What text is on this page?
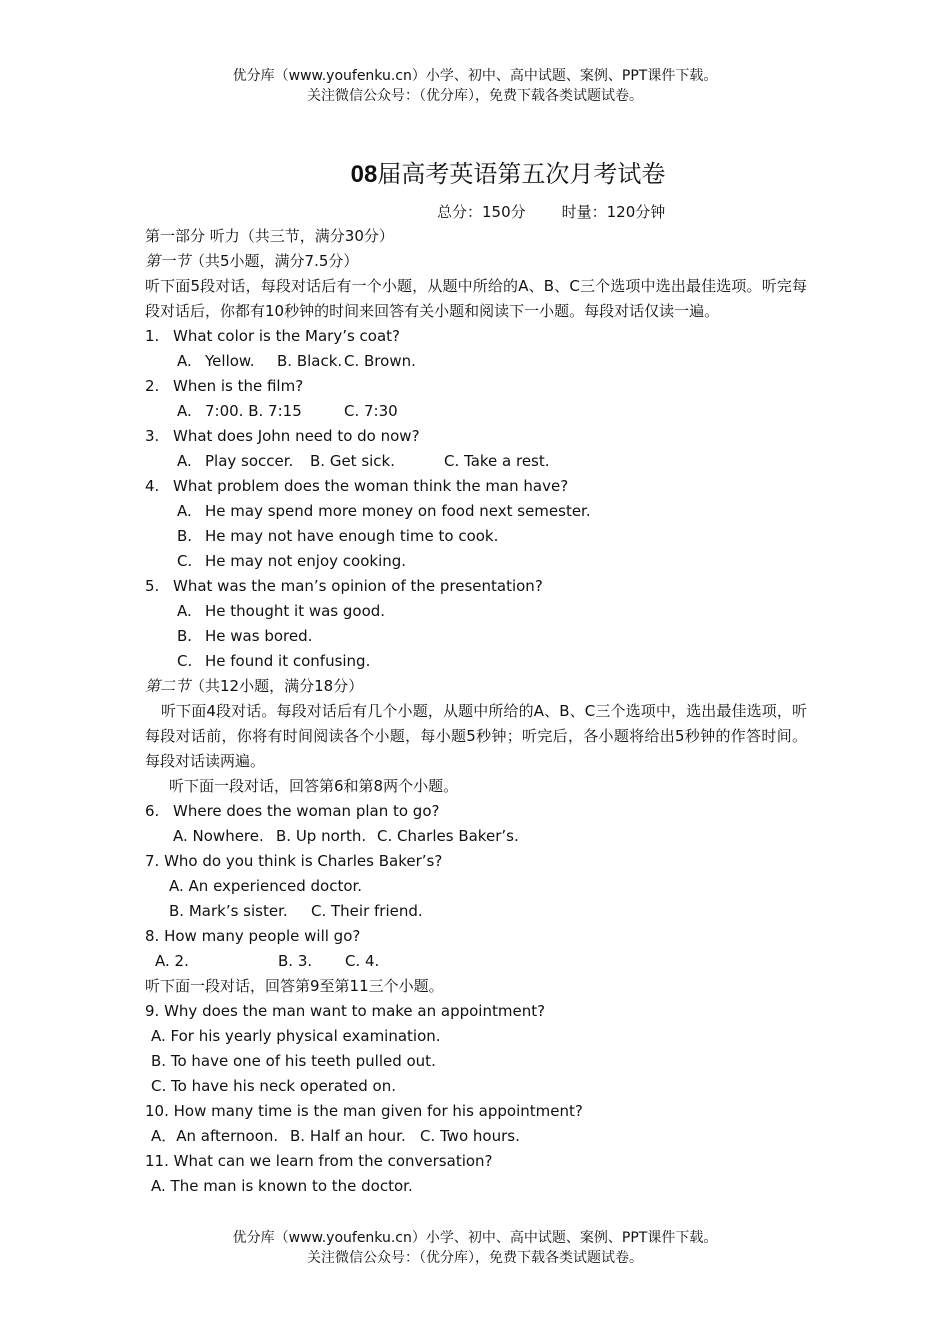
优分库（www.youfenku.cn）小学、初中、高中试题、案例、PPT课件下载。
关注微信公众号：（优分库），免费下载各类试题试卷。
08届高考英语第五次月考试卷
总分：150分 时量：120分钟
第一部分 听力（共三节，满分30分）
第一节（共5小题，满分7.5分）
听下面5段对话，每段对话后有一个小题，从题中所给的A、B、C三个选项中选出最佳选项。听完每段对话后，你都有10秒钟的时间来回答有关小题和阅读下一小题。每段对话仅读一遍。
1. What color is the Mary’s coat?
A. Yellow. B. Black. C. Brown.
2. When is the film?
A. 7:00. B. 7:15	C. 7:30
3. What does John need to do now?
A. Play soccer. B. Get sick.	C. Take a rest.
4. What problem does the woman think the man have?
A. He may spend more money on food next semester.
B. He may not have enough time to cook.
C. He may not enjoy cooking.
5. What was the man’s opinion of the presentation?
A. He thought it was good.
B. He was bored.
C. He found it confusing.
第二节（共12小题，满分18分）
听下面4段对话。每段对话后有几个小题，从题中所给的A、B、C三个选项中，选出最佳选项，听每段对话前，你将有时间阅读各个小题，每小题5秒钟；听完后，各小题将给出5秒钟的作答时间。每段对话读两遍。
听下面一段对话，回答第6和第8两个小题。
6. Where does the woman plan to go?
A. Nowhere. B. Up north. C. Charles Baker’s.
7. Who do you think is Charles Baker’s?
A. An experienced doctor.
B. Mark’s sister. C. Their friend.
8. How many people will go?
A. 2.	B. 3. C. 4.
听下面一段对话，回答第9至第11三个小题。
9. Why does the man want to make an appointment?
A. For his yearly physical examination.
B. To have one of his teeth pulled out.
C. To have his neck operated on.
10. How many time is the man given for his appointment?
A．An afternoon. B. Half an hour. C. Two hours.
11. What can we learn from the conversation?
A. The man is known to the doctor.
优分库（www.youfenku.cn）小学、初中、高中试题、案例、PPT课件下载。
关注微信公众号：（优分库），免费下载各类试题试卷。
